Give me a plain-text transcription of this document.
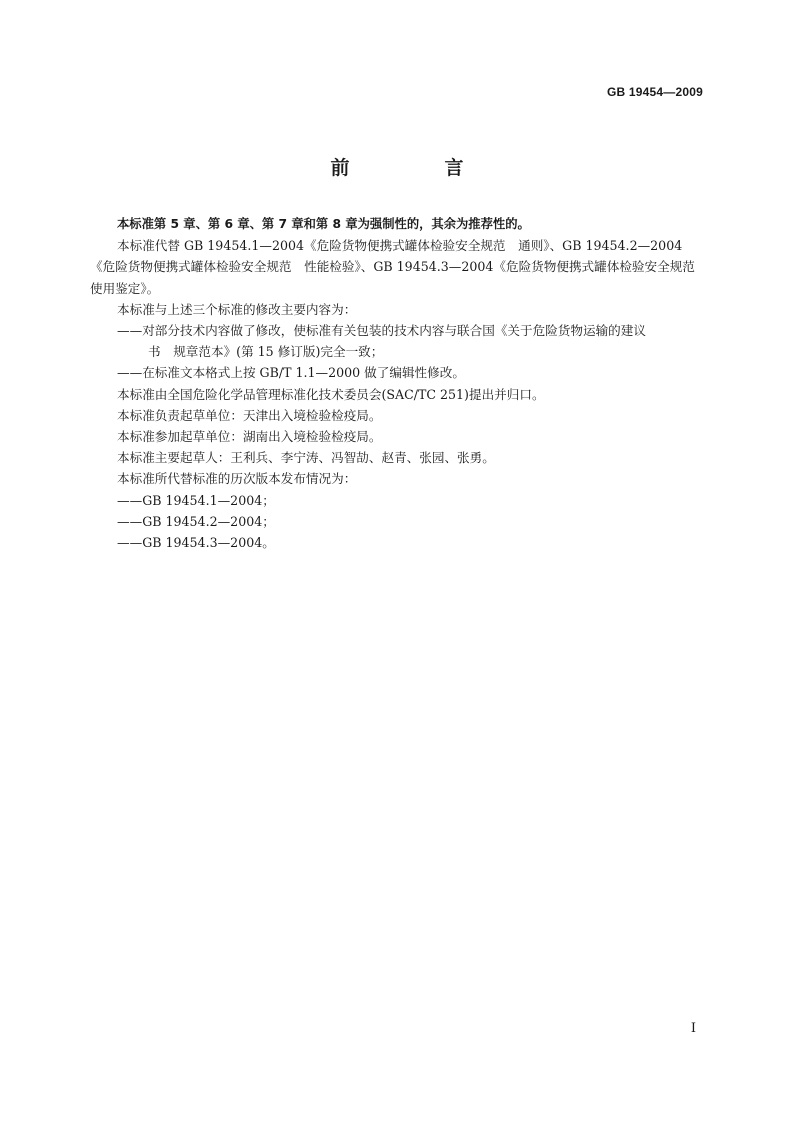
GB 19454—2009
前　言

本标准第 5 章、第 6 章、第 7 章和第 8 章为强制性的，其余为推荐性的。

本标准代替 GB 19454.1—2004《危险货物便携式罐体检验安全规范　通则》、GB 19454.2—2004《危险货物便携式罐体检验安全规范　性能检验》、GB 19454.3—2004《危险货物便携式罐体检验安全规范　使用鉴定》。

本标准与上述三个标准的修改主要内容为：

——对部分技术内容做了修改，使标准有关包装的技术内容与联合国《关于危险货物运输的建议
书　规章范本》(第 15 修订版)完全一致；

——在标准文本格式上按 GB/T 1.1—2000 做了编辑性修改。

本标准由全国危险化学品管理标准化技术委员会(SAC/TC 251)提出并归口。

本标准负责起草单位：天津出入境检验检疫局。

本标准参加起草单位：湖南出入境检验检疫局。

本标准主要起草人：王利兵、李宁涛、冯智劼、赵青、张园、张勇。

本标准所代替标准的历次版本发布情况为：

——GB 19454.1—2004；

——GB 19454.2—2004；

——GB 19454.3—2004。

I
